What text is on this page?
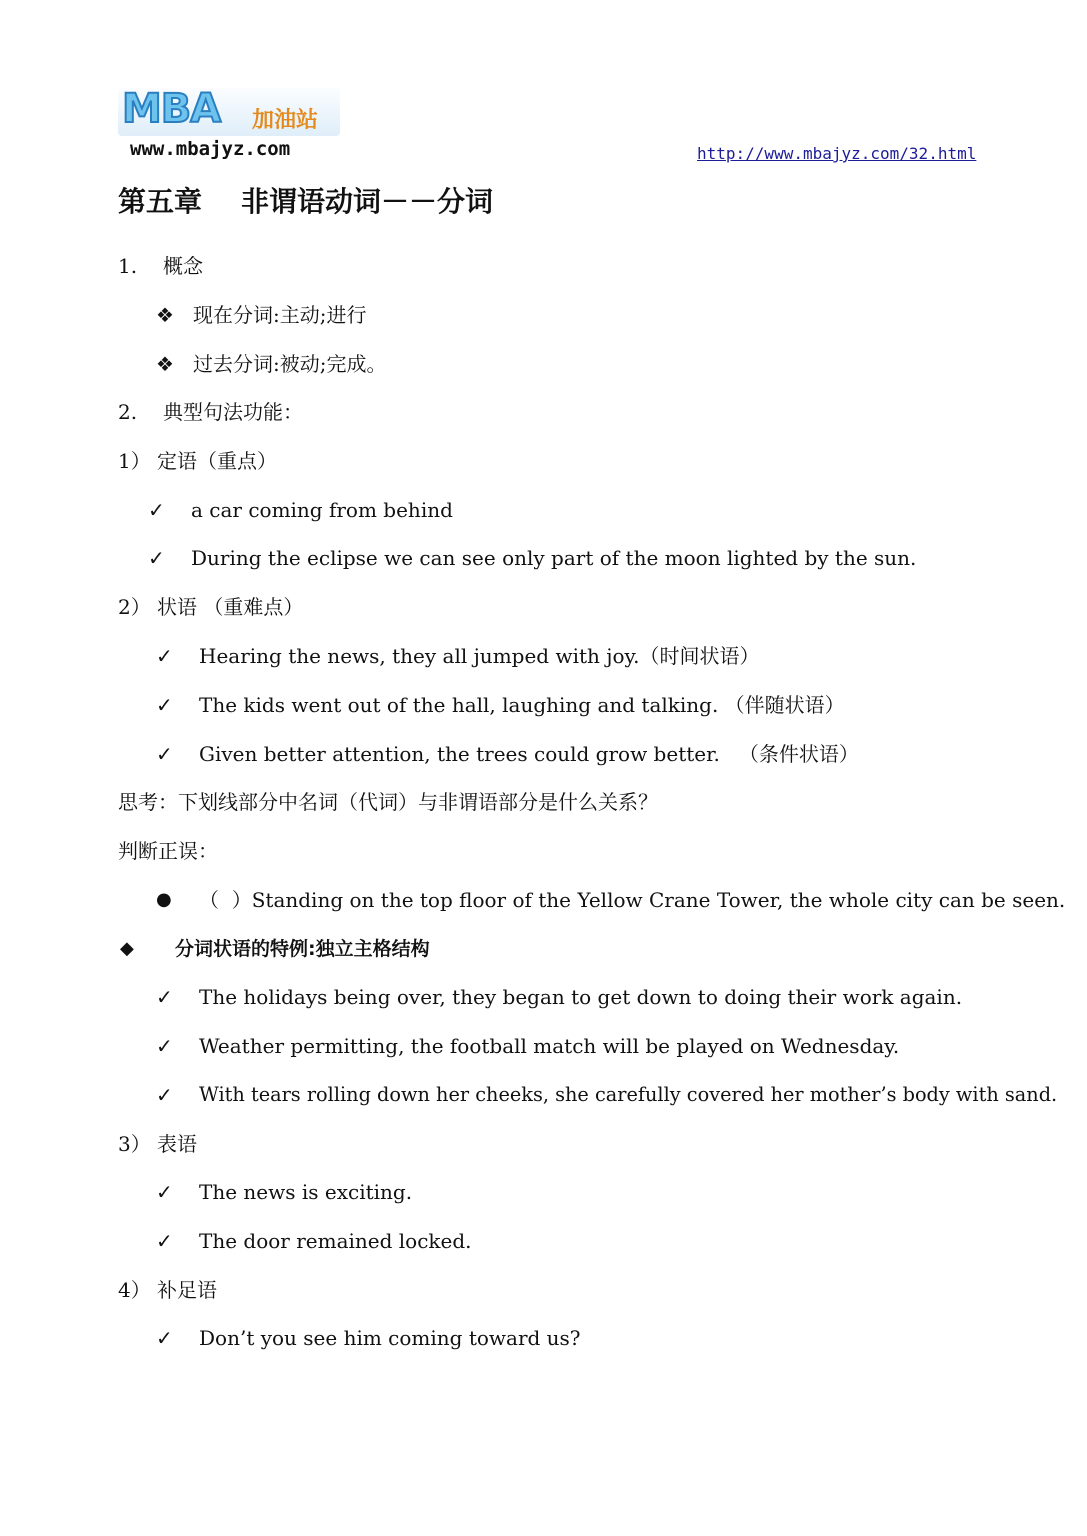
MBA 加油站
www.mbajyz.com	http://www.mbajyz.com/32.html
第五章    非谓语动词－－分词
1. 概念
❖ 现在分词:主动;进行
❖ 过去分词:被动;完成。
2. 典型句法功能：
1） 定语（重点）
✓ a car coming from behind
✓ During the eclipse we can see only part of the moon lighted by the sun.
2） 状语 （重难点）
✓ Hearing the news, they all jumped with joy.（时间状语）
✓ The kids went out of the hall, laughing and talking. （伴随状语）
✓ Given better attention, the trees could grow better.   （条件状语）
思考：下划线部分中名词（代词）与非谓语部分是什么关系？
判断正误：
● （  ）Standing on the top floor of the Yellow Crane Tower, the whole city can be seen.
◆ 分词状语的特例:独立主格结构
✓ The holidays being over, they began to get down to doing their work again.
✓ Weather permitting, the football match will be played on Wednesday.
✓ With tears rolling down her cheeks, she carefully covered her mother’s body with sand.
3） 表语
✓ The news is exciting.
✓ The door remained locked.
4） 补足语
✓ Don’t you see him coming toward us?
